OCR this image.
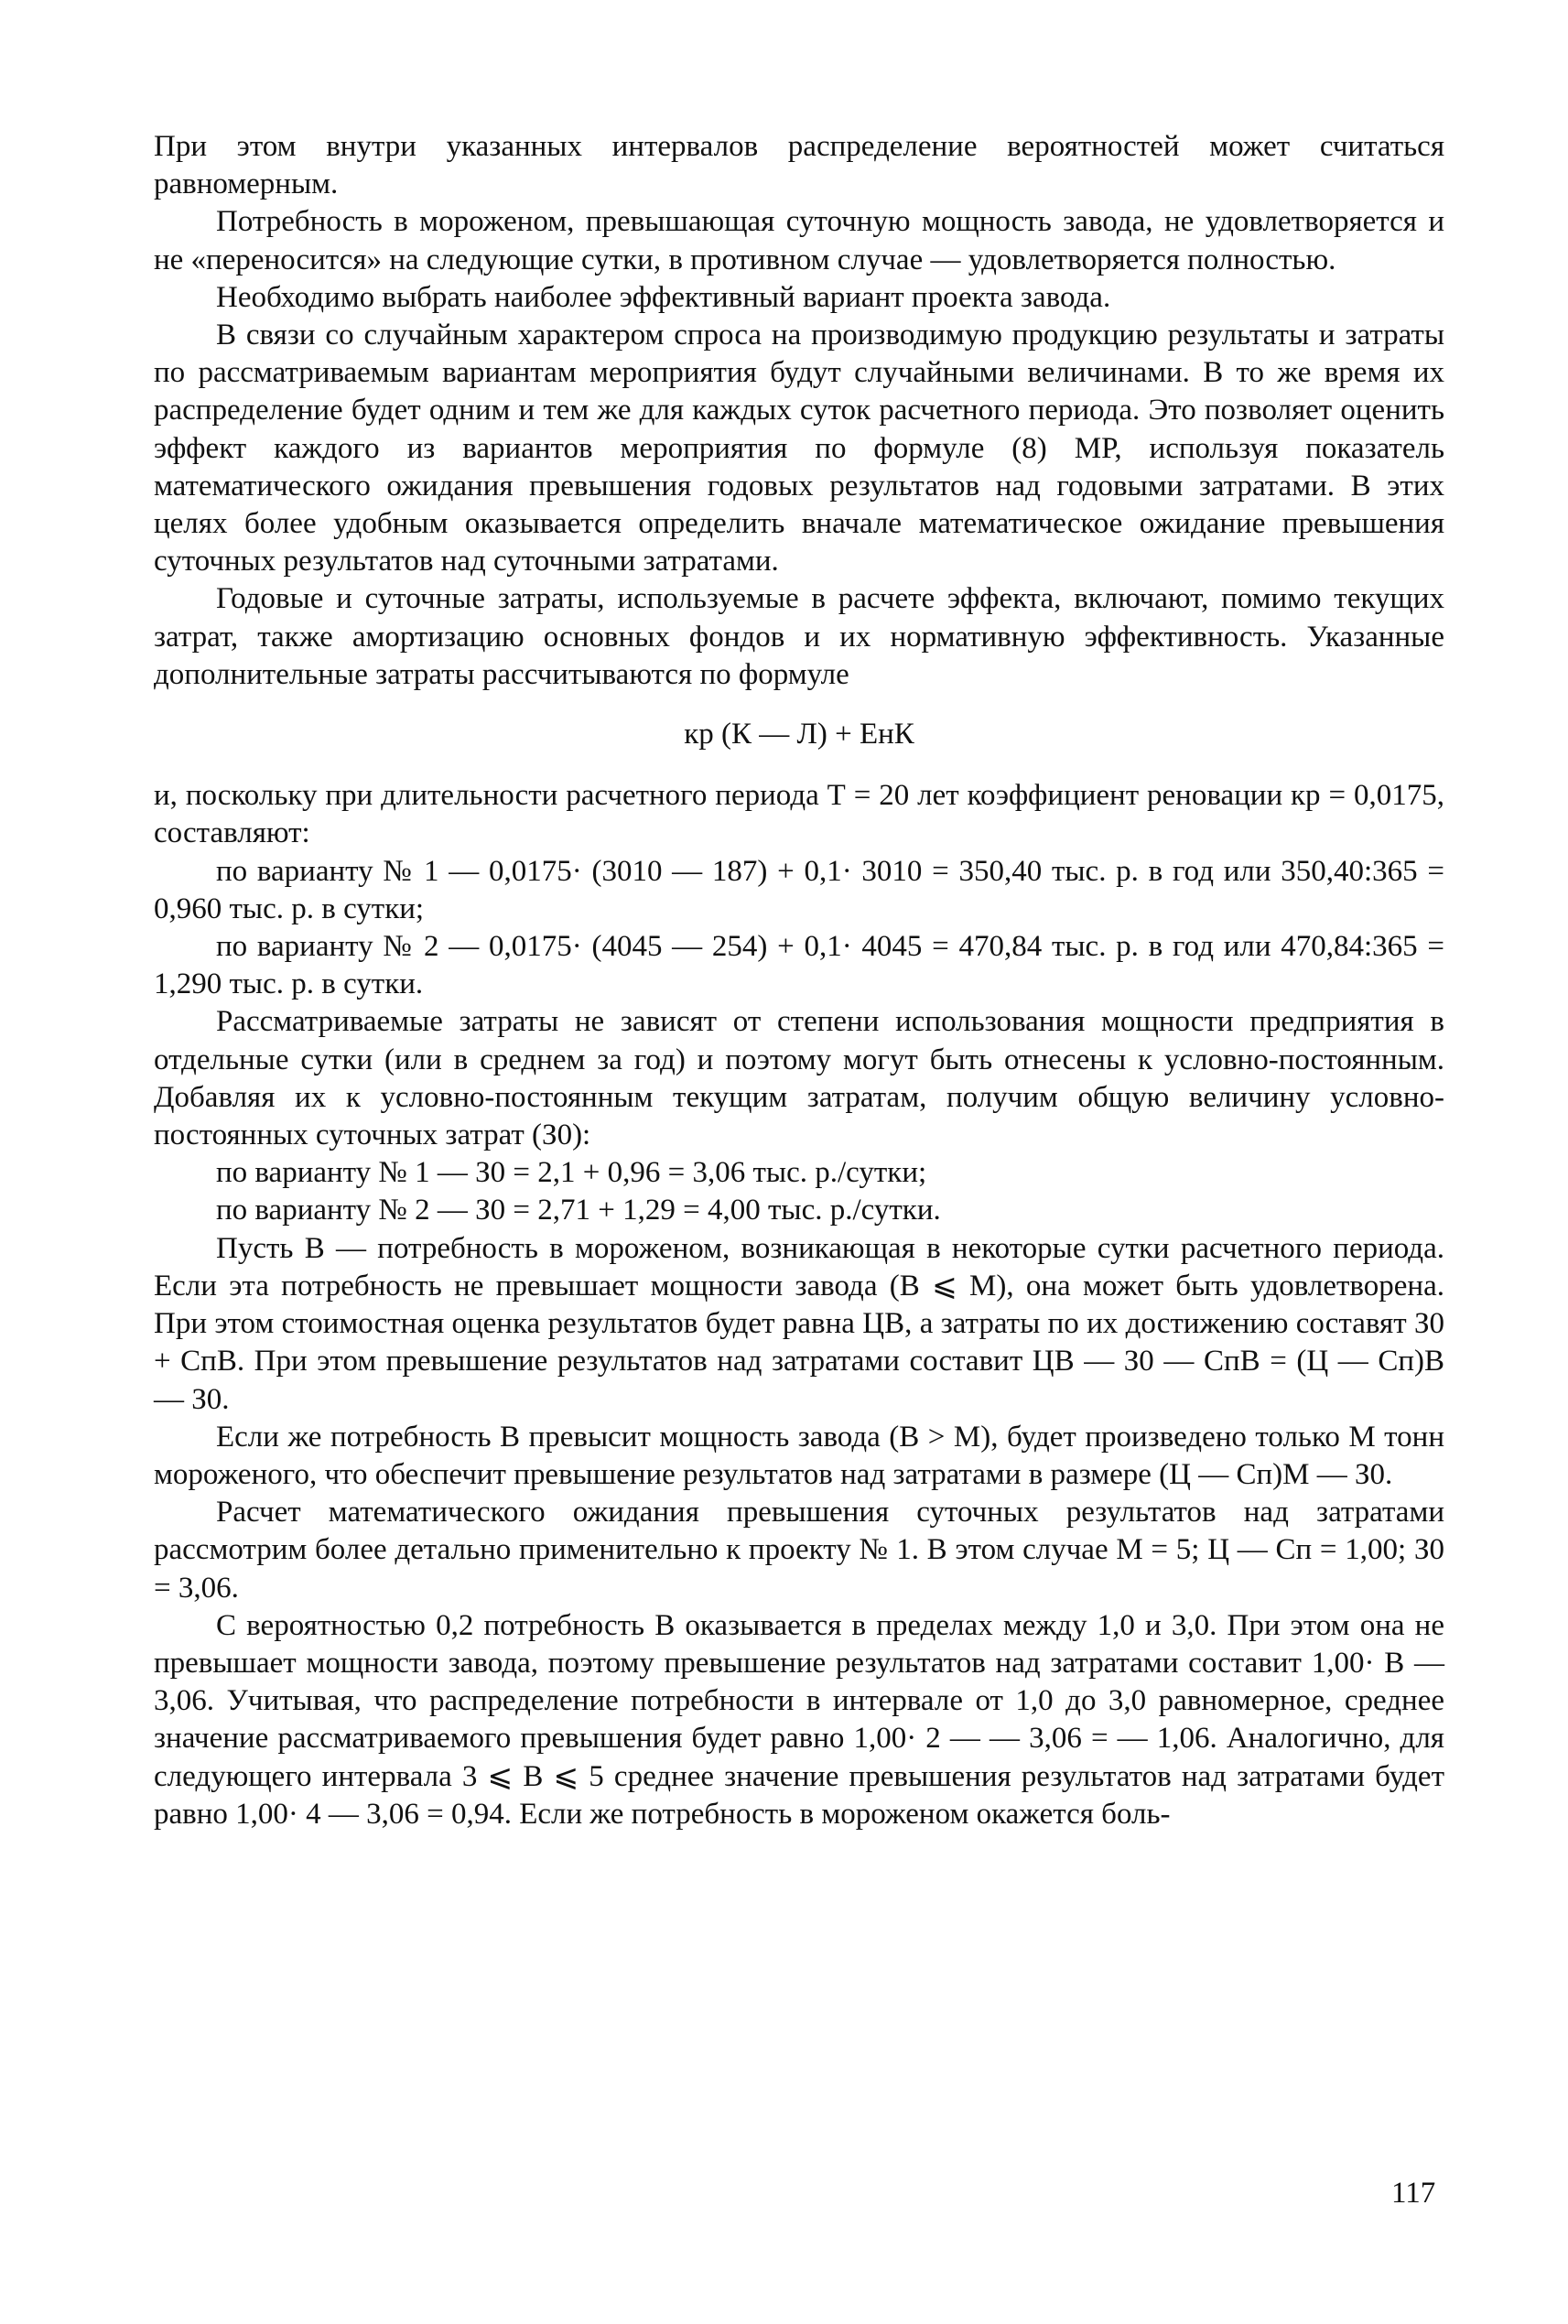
При этом внутри указанных интервалов распределение вероятностей может считаться равномерным.

Потребность в мороженом, превышающая суточную мощность завода, не удовлетворяется и не «переносится» на следующие сутки, в противном случае — удовлетворяется полностью.

Необходимо выбрать наиболее эффективный вариант проекта завода.

В связи со случайным характером спроса на производимую продукцию результаты и затраты по рассматриваемым вариантам мероприятия будут случайными величинами. В то же время их распределение будет одним и тем же для каждых суток расчетного периода. Это позволяет оценить эффект каждого из вариантов мероприятия по формуле (8) МР, используя показатель математического ожидания превышения годовых результатов над годовыми затратами. В этих целях более удобным оказывается определить вначале математическое ожидание превышения суточных результатов над суточными затратами.

Годовые и суточные затраты, используемые в расчете эффекта, включают, помимо текущих затрат, также амортизацию основных фондов и их нормативную эффективность. Указанные дополнительные затраты рассчитываются по формуле

кр (К — Л) + ЕнК

и, поскольку при длительности расчетного периода Т = 20 лет коэффициент реновации кр = 0,0175, составляют:

по варианту № 1 — 0,0175· (3010 — 187) + 0,1· 3010 = 350,40 тыс. р. в год или 350,40:365 = 0,960 тыс. р. в сутки;

по варианту № 2 — 0,0175· (4045 — 254) + 0,1· 4045 = 470,84 тыс. р. в год или 470,84:365 = 1,290 тыс. р. в сутки.

Рассматриваемые затраты не зависят от степени использования мощности предприятия в отдельные сутки (или в среднем за год) и поэтому могут быть отнесены к условно-постоянным. Добавляя их к условно-постоянным текущим затратам, получим общую величину условно-постоянных суточных затрат (З0):

по варианту № 1 — З0 = 2,1 + 0,96 = 3,06 тыс. р./сутки;

по варианту № 2 — З0 = 2,71 + 1,29 = 4,00 тыс. р./сутки.

Пусть В — потребность в мороженом, возникающая в некоторые сутки расчетного периода. Если эта потребность не превышает мощности завода (В ⩽ М), она может быть удовлетворена. При этом стоимостная оценка результатов будет равна ЦВ, а затраты по их достижению составят З0 + СпВ. При этом превышение результатов над затратами составит ЦВ — З0 — СпВ = (Ц — Сп)В — З0.

Если же потребность В превысит мощность завода (В > М), будет произведено только М тонн мороженого, что обеспечит превышение результатов над затратами в размере (Ц — Сп)М — З0.

Расчет математического ожидания превышения суточных результатов над затратами рассмотрим более детально применительно к проекту № 1. В этом случае М = 5; Ц — Сп = 1,00; З0 = 3,06.

С вероятностью 0,2 потребность В оказывается в пределах между 1,0 и 3,0. При этом она не превышает мощности завода, поэтому превышение результатов над затратами составит 1,00· В — 3,06. Учитывая, что распределение потребности в интервале от 1,0 до 3,0 равномерное, среднее значение рассматриваемого превышения будет равно 1,00· 2 — — 3,06 = — 1,06. Аналогично, для следующего интервала 3 ⩽ В ⩽ 5 среднее значение превышения результатов над затратами будет равно 1,00· 4 — 3,06 = 0,94. Если же потребность в мороженом окажется боль-

117
